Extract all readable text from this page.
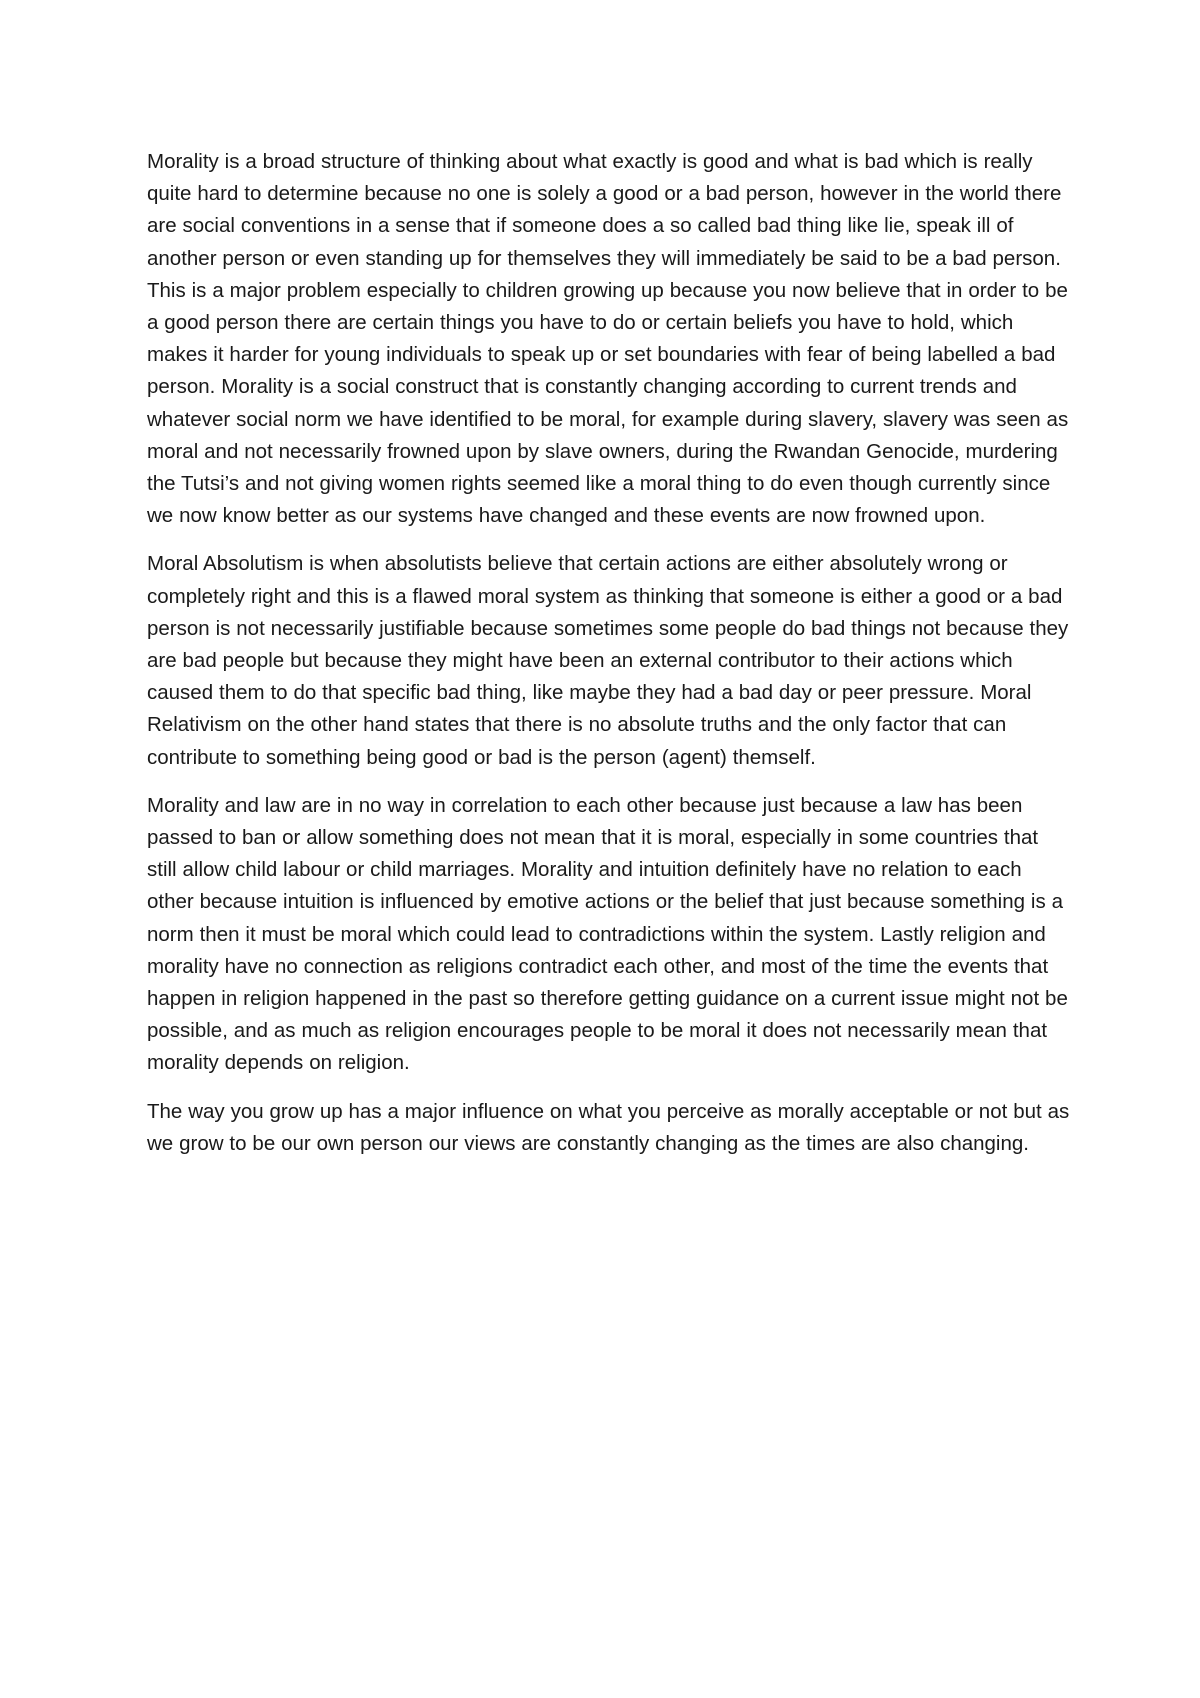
Morality is a broad structure of thinking about what exactly is good and what is bad which is really quite hard to determine because no one is solely a good or a bad person, however in the world there are social conventions in a sense that if someone does a so called bad thing like lie, speak ill of another person or even standing up for themselves they will immediately be said to be a bad person. This is a major problem especially to children growing up because you now believe that in order to be a good person there are certain things you have to do or certain beliefs you have to hold, which makes it harder for young individuals to speak up or set boundaries with fear of being labelled a bad person. Morality is a social construct that is constantly changing according to current trends and whatever social norm we have identified to be moral, for example during slavery, slavery was seen as moral and not necessarily frowned upon by slave owners, during the Rwandan Genocide, murdering the Tutsi’s and not giving women rights seemed like a moral thing to do even though currently since we now know better as our systems have changed and these events are now frowned upon.

Moral Absolutism is when absolutists believe that certain actions are either absolutely wrong or completely right and this is a flawed moral system as thinking that someone is either a good or a bad person is not necessarily justifiable because sometimes some people do bad things not because they are bad people but because they might have been an external contributor to their actions which caused them to do that specific bad thing, like maybe they had a bad day or peer pressure. Moral Relativism on the other hand states that there is no absolute truths and the only factor that can contribute to something being good or bad is the person (agent) themself.

Morality and law are in no way in correlation to each other because just because a law has been passed to ban or allow something does not mean that it is moral, especially in some countries that still allow child labour or child marriages. Morality and intuition definitely have no relation to each other because intuition is influenced by emotive actions or the belief that just because something is a norm then it must be moral which could lead to contradictions within the system. Lastly religion and morality have no connection as religions contradict each other, and most of the time the events that happen in religion happened in the past so therefore getting guidance on a current issue might not be possible, and as much as religion encourages people to be moral it does not necessarily mean that morality depends on religion.

The way you grow up has a major influence on what you perceive as morally acceptable or not but as we grow to be our own person our views are constantly changing as the times are also changing.
